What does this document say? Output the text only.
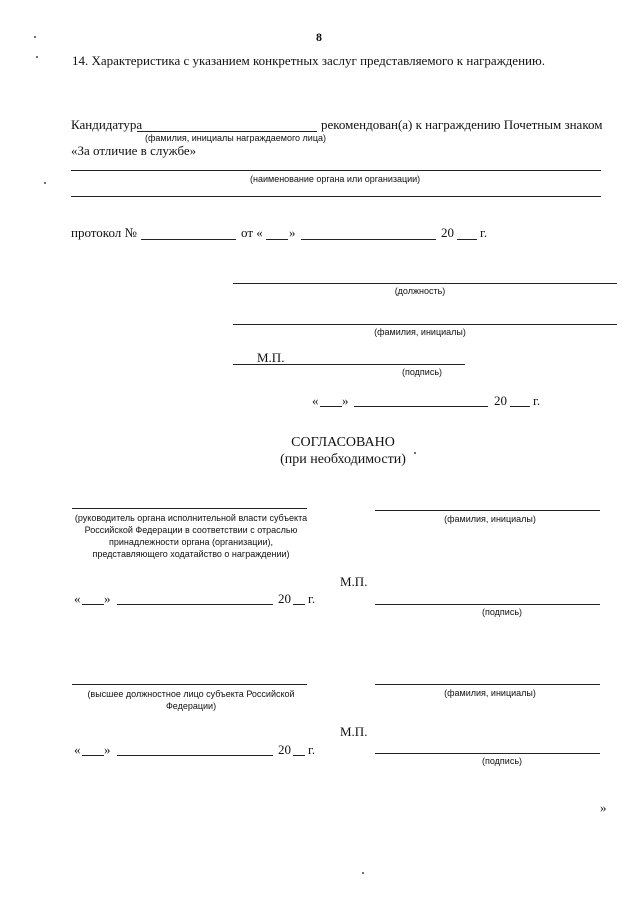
8
14. Характеристика с указанием конкретных заслуг представляемого к награждению.
Кандидатура	рекомендован(а) к награждению Почетным знаком
(фамилия, инициалы награждаемого лица)
«За отличие в службе»
(наименование органа или организации)
протокол №	от « »	20 г.
(должность)
(фамилия, инициалы)
М.П.
(подпись)
« »	20 г.
СОГЛАСОВАНО
(при необходимости)
(руководитель органа исполнительной власти субъекта Российской Федерации в соответствии с отраслью принадлежности органа (организации), представляющего ходатайство о награждении)
(фамилия, инициалы)
М.П.
« »	20 г.
(подпись)
(высшее должностное лицо субъекта Российской Федерации)
(фамилия, инициалы)
М.П.
« »	20 г.
(подпись)
»
